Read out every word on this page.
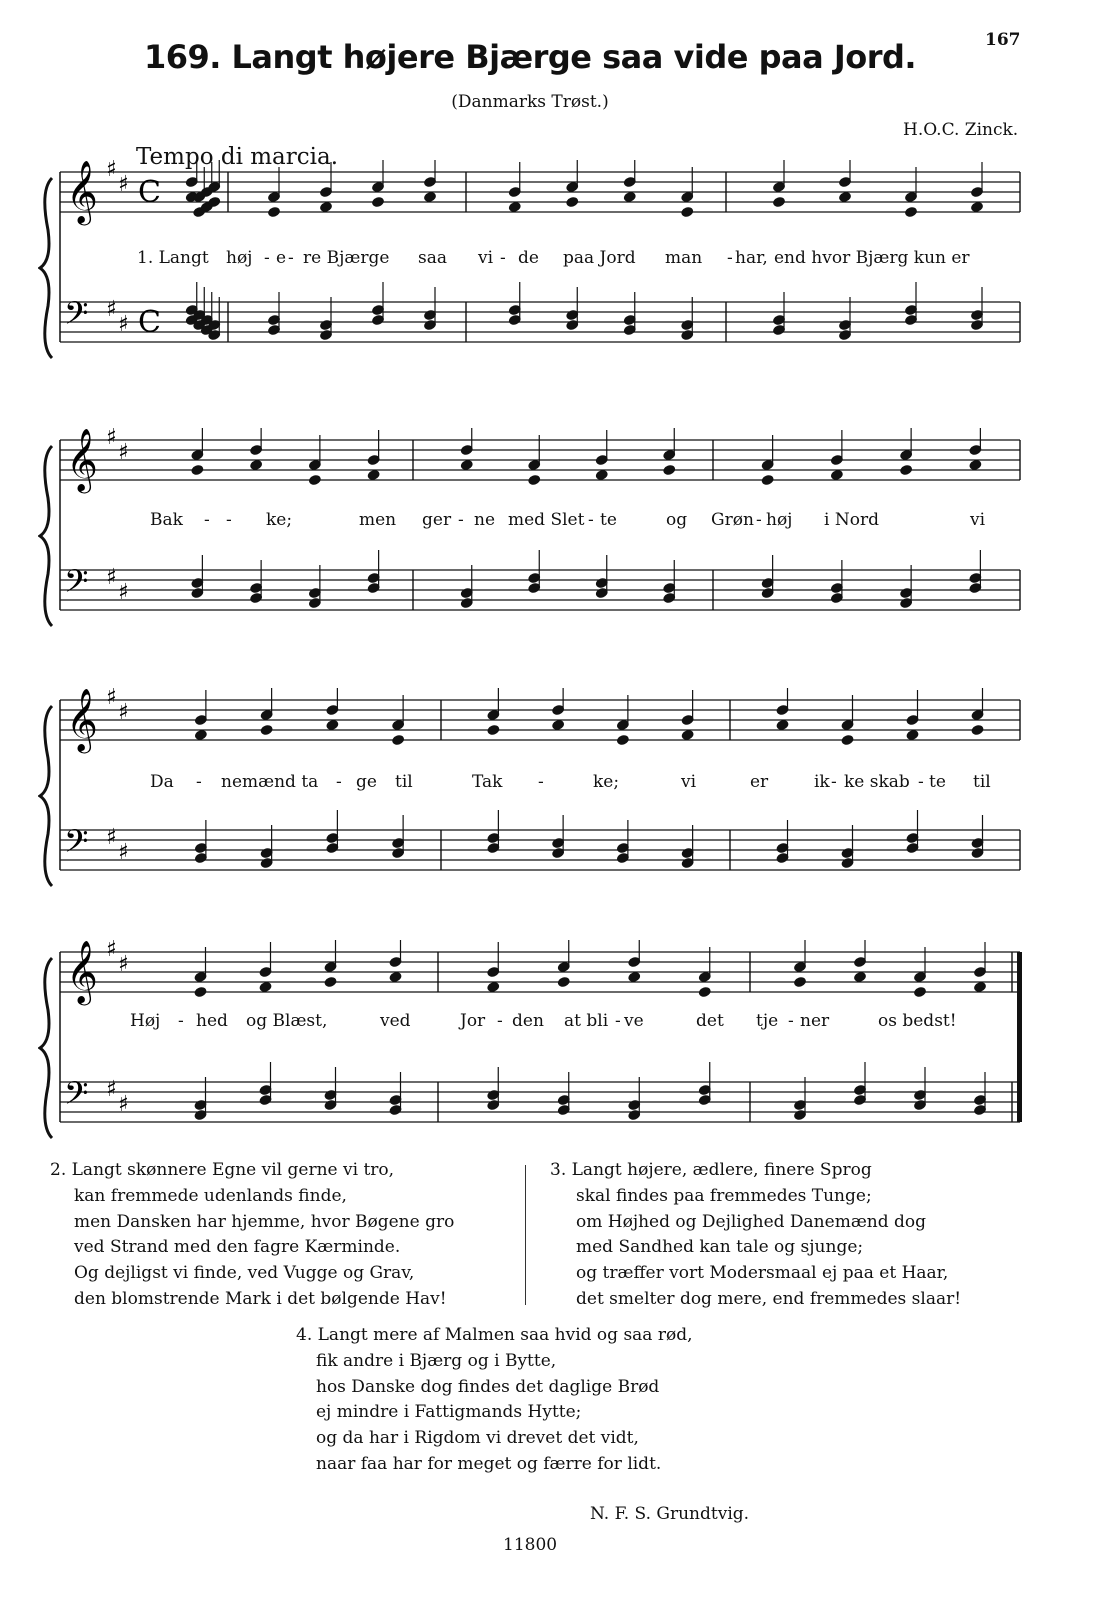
167
169. Langt højere Bjærge saa vide paa Jord.
(Danmarks Trøst.)
H.O.C. Zinck.
Tempo di marcia.
𝄞 ♯
♯ C
𝄢 ♯
♯ C
1. Langt høj - e - re Bjærge saa vi - de paa Jord man - har, end hvor Bjærg kun er
𝄞 ♯
♯
𝄢 ♯
♯
Bak - - ke;	men ger - ne med Slet - te	og Grøn - høj i Nord	vi
𝄞 ♯
♯
𝄢 ♯
♯
Da - nemænd ta - ge til	Tak -	ke;	vi	er	ik - ke skab - te til
𝄞 ♯
♯
𝄢 ♯
♯
Høj - hed og Blæst,	ved	Jor - den at bli - ve	det tje - ner	os bedst!
2. Langt skønnere Egne vil gerne vi tro,
kan fremmede udenlands finde,
men Dansken har hjemme, hvor Bøgene gro
ved Strand med den fagre Kærminde.
Og dejligst vi finde, ved Vugge og Grav,
den blomstrende Mark i det bølgende Hav!
3. Langt højere, ædlere, finere Sprog
skal findes paa fremmedes Tunge;
om Højhed og Dejlighed Danemænd dog
med Sandhed kan tale og sjunge;
og træffer vort Modersmaal ej paa et Haar,
det smelter dog mere, end fremmedes slaar!
4. Langt mere af Malmen saa hvid og saa rød,
fik andre i Bjærg og i Bytte,
hos Danske dog findes det daglige Brød
ej mindre i Fattigmands Hytte;
og da har i Rigdom vi drevet det vidt,
naar faa har for meget og færre for lidt.
N. F. S. Grundtvig.
11800
